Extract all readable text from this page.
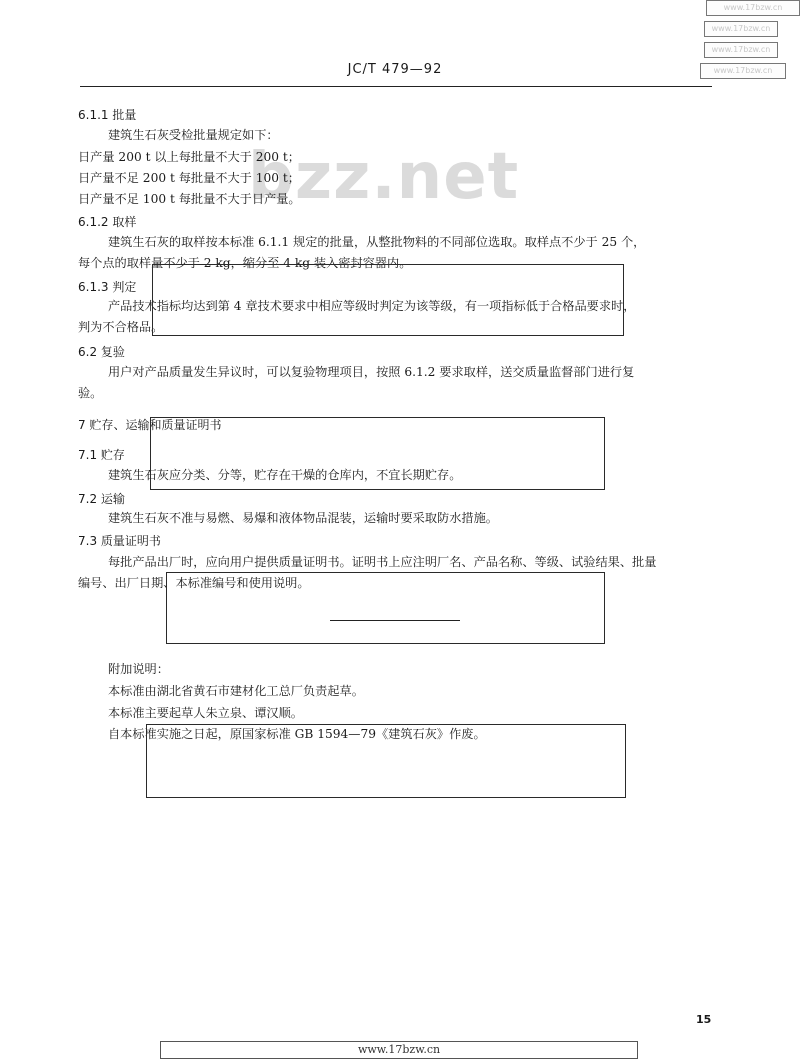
www.17bzw.cn
www.17bzw.cn
www.17bzw.cn
www.17bzw.cn
JC/T 479—92
bzz.net
6.1.1 批量
建筑生石灰受检批量规定如下：
日产量 200 t 以上每批量不大于 200 t；
日产量不足 200 t 每批量不大于 100 t；
日产量不足 100 t 每批量不大于日产量。
6.1.2 取样
建筑生石灰的取样按本标准 6.1.1 规定的批量，从整批物料的不同部位选取。取样点不少于 25 个，
每个点的取样量不少于 2 kg，缩分至 4 kg 装入密封容器内。
6.1.3 判定
产品技术指标均达到第 4 章技术要求中相应等级时判定为该等级，有一项指标低于合格品要求时，
判为不合格品。
6.2 复验
用户对产品质量发生异议时，可以复验物理项目，按照 6.1.2 要求取样，送交质量监督部门进行复
验。
7 贮存、运输和质量证明书
7.1 贮存
建筑生石灰应分类、分等，贮存在干燥的仓库内，不宜长期贮存。
7.2 运输
建筑生石灰不准与易燃、易爆和液体物品混装，运输时要采取防水措施。
7.3 质量证明书
每批产品出厂时，应向用户提供质量证明书。证明书上应注明厂名、产品名称、等级、试验结果、批量
编号、出厂日期、本标准编号和使用说明。
附加说明：
本标准由湖北省黄石市建材化工总厂负责起草。
本标准主要起草人朱立泉、谭汉顺。
自本标准实施之日起，原国家标准 GB 1594—79《建筑石灰》作废。
15
www.17bzw.cn
